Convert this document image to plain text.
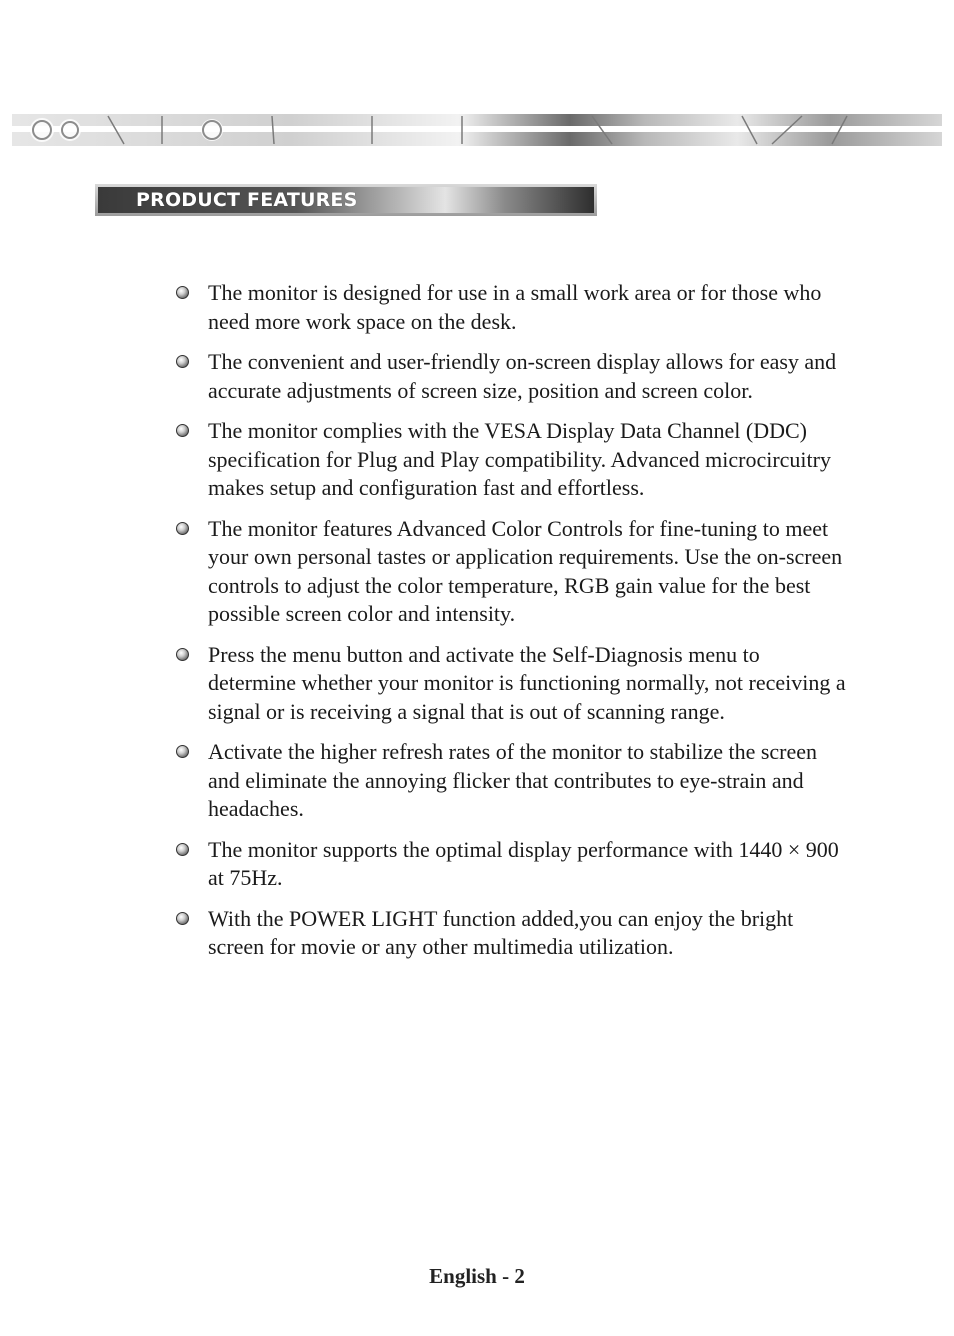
PRODUCT FEATURES
The monitor is designed for use in a small work area or for those who need more work space on the desk.
The convenient and user-friendly on-screen display allows for easy and accurate adjustments of screen size, position and screen color.
The monitor complies with the VESA Display Data Channel (DDC) specification for Plug and Play compatibility. Advanced microcircuitry makes setup and configuration fast and effortless.
The monitor features Advanced Color Controls for fine-tuning to meet your own personal tastes or application requirements. Use the on-screen controls to adjust the color temperature, RGB gain value for the best possible screen color and intensity.
Press the menu button and activate the Self-Diagnosis menu to determine whether your monitor is functioning normally, not receiving a signal or is receiving a signal that is out of scanning range.
Activate the higher refresh rates of the monitor to stabilize the screen and eliminate the annoying flicker that contributes to eye-strain and headaches.
The monitor supports the optimal display performance with 1440 × 900 at 75Hz.
With the POWER LIGHT function added,you can enjoy the bright screen for movie or any other multimedia utilization.
English - 2
